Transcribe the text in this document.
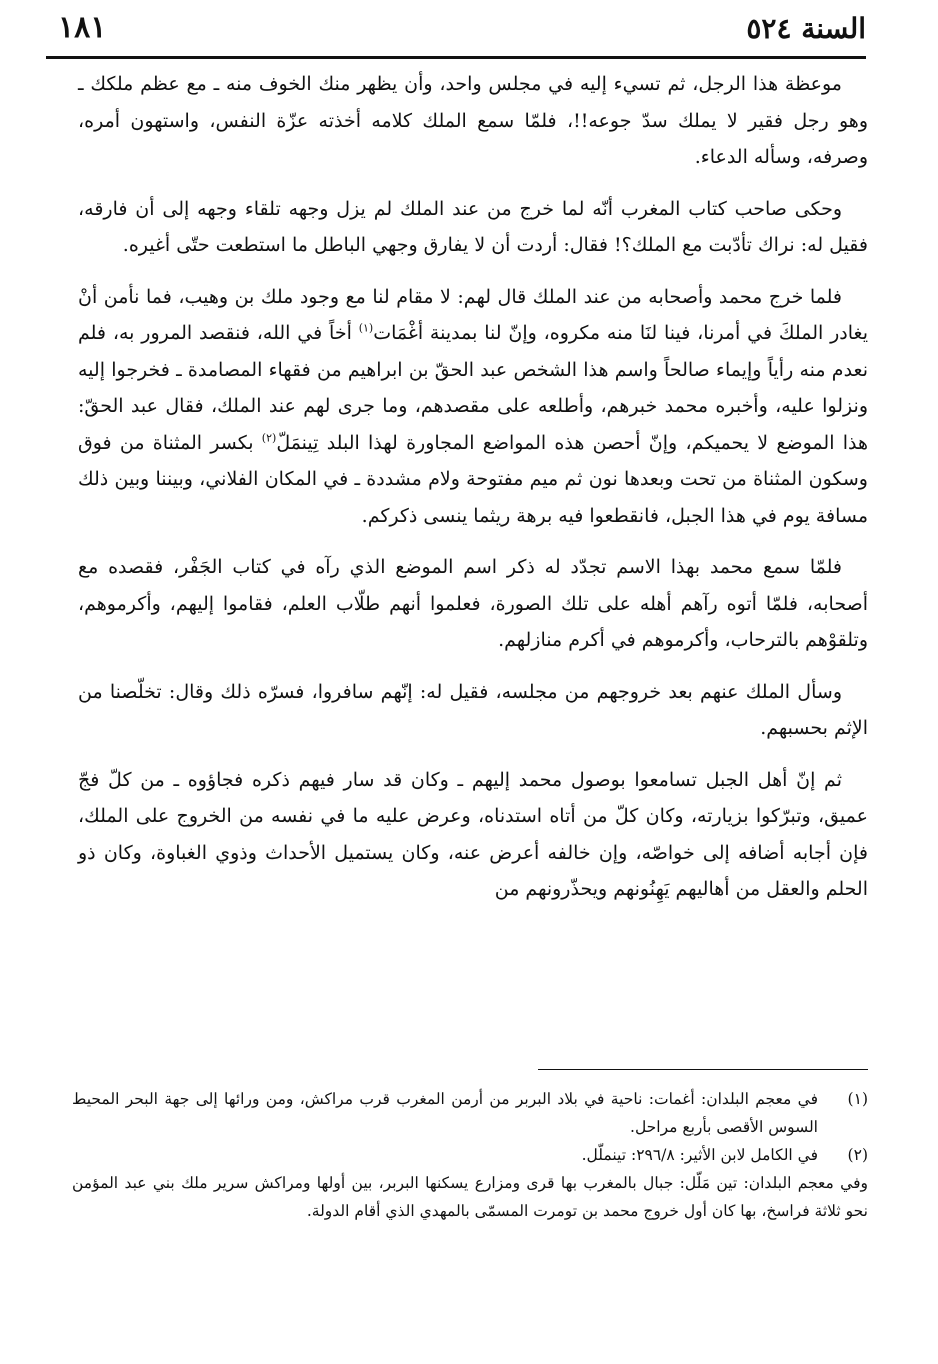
السنة ٥٢٤
١٨١

موعظة هذا الرجل، ثم تسيء إليه في مجلس واحد، وأن يظهر منك الخوف منه ـ مع عظم ملكك ـ وهو رجل فقير لا يملك سدّ جوعه!!، فلمّا سمع الملك كلامه أخذته عزّة النفس، واستهون أمره، وصرفه، وسأله الدعاء.

وحكى صاحب كتاب المغرب أنّه لما خرج من عند الملك لم يزل وجهه تلقاء وجهه إلى أن فارقه، فقيل له: نراك تأدّبت مع الملك؟! فقال: أردت أن لا يفارق وجهي الباطل ما استطعت حتّى أغيره.

فلما خرج محمد وأصحابه من عند الملك قال لهم: لا مقام لنا مع وجود ملك بن وهيب، فما نأمن أنْ يغادر الملكَ في أمرنا، فينا لنَا منه مكروه، وإنّ لنا بمدينة أغْمَات$^{(١)}$ أخاً في الله، فنقصد المرور به، فلم نعدم منه رأياً وإيماء صالحاً واسم هذا الشخص عبد الحقّ بن ابراهيم من فقهاء المصامدة ـ فخرجوا إليه ونزلوا عليه، وأخبره محمد خبرهم، وأطلعه على مقصدهم، وما جرى لهم عند الملك، فقال عبد الحقّ: هذا الموضع لا يحميكم، وإنّ أحصن هذه المواضع المجاورة لهذا البلد تِينمَلّ$^{(٢)}$ بكسر المثناة من فوق وسكون المثناة من تحت وبعدها نون ثم ميم مفتوحة ولام مشددة ـ في المكان الفلاني، وبيننا وبين ذلك مسافة يوم في هذا الجبل، فانقطعوا فيه برهة ريثما ينسى ذكركم.

فلمّا سمع محمد بهذا الاسم تجدّد له ذكر اسم الموضع الذي رآه في كتاب الجَفْر، فقصده مع أصحابه، فلمّا أتوه رآهم أهله على تلك الصورة، فعلموا أنهم طلّاب العلم، فقاموا إليهم، وأكرموهم، وتلقوْهم بالترحاب، وأكرموهم في أكرم منازلهم.

وسأل الملك عنهم بعد خروجهم من مجلسه، فقيل له: إنّهم سافروا، فسرّه ذلك وقال: تخلّصنا من الإثم بحسبهم.

ثم إنّ أهل الجبل تسامعوا بوصول محمد إليهم ـ وكان قد سار فيهم ذكره فجاؤوه ـ من كلّ فجّ عميق، وتبرّكوا بزيارته، وكان كلّ من أتاه استدناه، وعرض عليه ما في نفسه من الخروج على الملك، فإن أجابه أضافه إلى خواصّه، وإن خالفه أعرض عنه، وكان يستميل الأحداث وذوي الغباوة، وكان ذو الحلم والعقل من أهاليهم يَهِنُونهم ويحذّرونهم من

(١)
في معجم البلدان: أغمات: ناحية في بلاد البربر من أرمن المغرب قرب مراكش، ومن ورائها إلى جهة البحر المحيط السوس الأقصى بأربع مراحل.
(٢)
في الكامل لابن الأثير: ٢٩٦/٨: تينملّل.

وفي معجم البلدان: تين مَلّل: جبال بالمغرب بها قرى ومزارع يسكنها البربر، بين أولها ومراكش سرير ملك بني عبد المؤمن نحو ثلاثة فراسخ، بها كان أول خروج محمد بن تومرت المسمّى بالمهدي الذي أقام الدولة.
